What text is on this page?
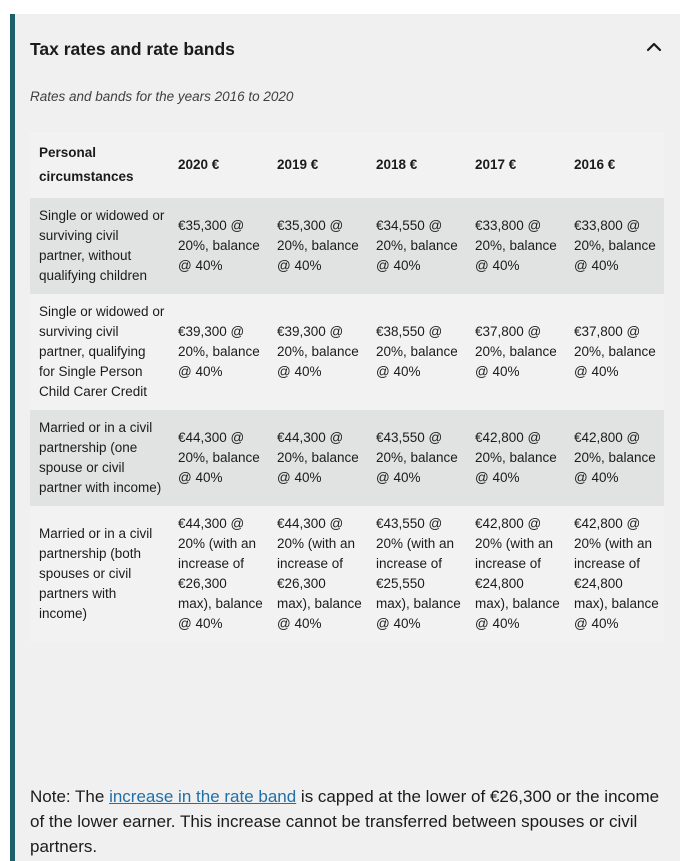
Tax rates and rate bands
Rates and bands for the years 2016 to 2020
Personal circumstances	2020 €	2019 €	2018 €	2017 €	2016 €
Single or widowed or surviving civil partner, without qualifying children	€35,300 @ 20%, balance @ 40%	€35,300 @ 20%, balance @ 40%	€34,550 @ 20%, balance @ 40%	€33,800 @ 20%, balance @ 40%	€33,800 @ 20%, balance @ 40%
Single or widowed or surviving civil partner, qualifying for Single Person Child Carer Credit	€39,300 @ 20%, balance @ 40%	€39,300 @ 20%, balance @ 40%	€38,550 @ 20%, balance @ 40%	€37,800 @ 20%, balance @ 40%	€37,800 @ 20%, balance @ 40%
Married or in a civil partnership (one spouse or civil partner with income)	€44,300 @ 20%, balance @ 40%	€44,300 @ 20%, balance @ 40%	€43,550 @ 20%, balance @ 40%	€42,800 @ 20%, balance @ 40%	€42,800 @ 20%, balance @ 40%
Married or in a civil partnership (both spouses or civil partners with income)	€44,300 @ 20% (with an increase of €26,300 max), balance @ 40%	€44,300 @ 20% (with an increase of €26,300 max), balance @ 40%	€43,550 @ 20% (with an increase of €25,550 max), balance @ 40%	€42,800 @ 20% (with an increase of €24,800 max), balance @ 40%	€42,800 @ 20% (with an increase of €24,800 max), balance @ 40%
Note: The increase in the rate band is capped at the lower of €26,300 or the income of the lower earner. This increase cannot be transferred between spouses or civil partners.
